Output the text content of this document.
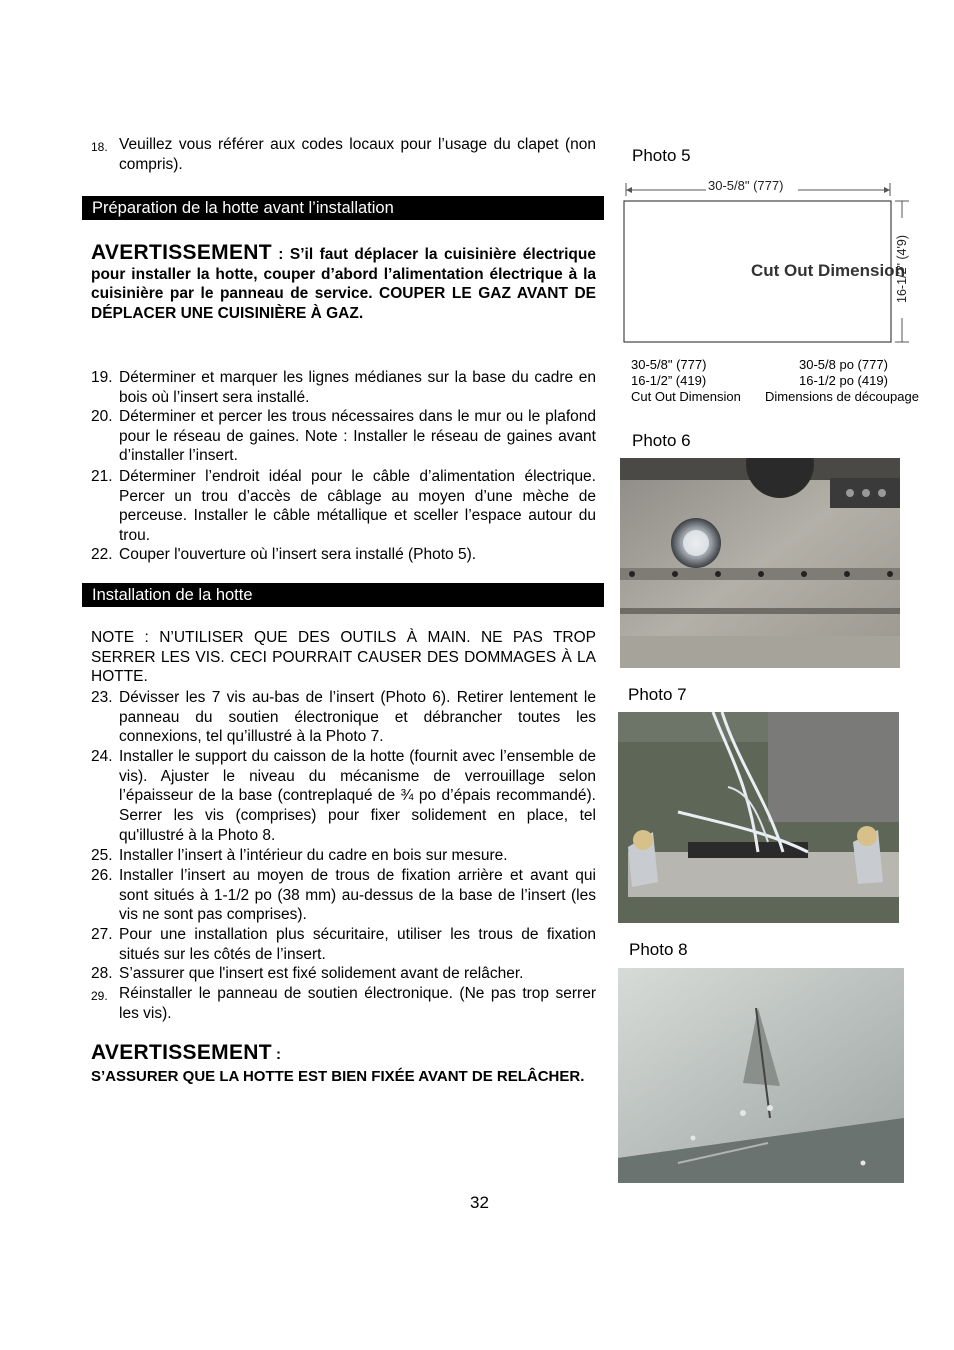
18. Veuillez vous référer aux codes locaux pour l’usage du clapet (non compris).
Préparation de la hotte avant l’installation
AVERTISSEMENT : S’il faut déplacer la cuisinière électrique pour installer la hotte, couper d’abord l’alimentation électrique à la cuisinière par le panneau de service. COUPER LE GAZ AVANT DE DÉPLACER UNE CUISINIÈRE À GAZ.
19. Déterminer et marquer les lignes médianes sur la base du cadre en bois où l’insert sera installé.
20. Déterminer et percer les trous nécessaires dans le mur ou le plafond pour le réseau de gaines. Note : Installer le réseau de gaines avant d’installer l’insert.
21. Déterminer l’endroit idéal pour le câble d’alimentation électrique. Percer un trou d’accès de câblage au moyen d’une mèche de perceuse. Installer le câble métallique et sceller l’espace autour du trou.
22. Couper l'ouverture où l’insert sera installé (Photo 5).
Installation de la hotte
NOTE : N’UTILISER QUE DES OUTILS À MAIN. NE PAS TROP SERRER LES VIS. CECI POURRAIT CAUSER DES DOMMAGES À LA HOTTE.
23. Dévisser les 7 vis au-bas de l’insert (Photo 6). Retirer lentement le panneau du soutien électronique et débrancher toutes les connexions, tel qu’illustré à la Photo 7.
24. Installer le support du caisson de la hotte (fournit avec l’ensemble de vis). Ajuster le niveau du mécanisme de verrouillage selon l’épaisseur de la base (contreplaqué de ¾ po d’épais recommandé). Serrer les vis (comprises) pour fixer solidement en place, tel qu'illustré à la Photo 8.
25. Installer l’insert à l’intérieur du cadre en bois sur mesure.
26. Installer l’insert au moyen de trous de fixation arrière et avant qui sont situés à 1-1/2 po (38 mm) au-dessus de la base de l’insert (les vis ne sont pas comprises).
27. Pour une installation plus sécuritaire, utiliser les trous de fixation situés sur les côtés de l’insert.
28. S’assurer que l'insert est fixé solidement avant de relâcher.
29. Réinstaller le panneau de soutien électronique. (Ne pas trop serrer les vis).
AVERTISSEMENT :
S’ASSURER QUE LA HOTTE EST BIEN FIXÉE AVANT DE RELÂCHER.
Photo 5
30-5/8" (777)
Cut Out Dimension
16-1/2" (4'9)
30-5/8" (777)
16-1/2” (419)
Cut Out Dimension
30-5/8 po (777)
16-1/2 po (419)
Dimensions de découpage
Photo 6
Photo 7
Photo 8
32
